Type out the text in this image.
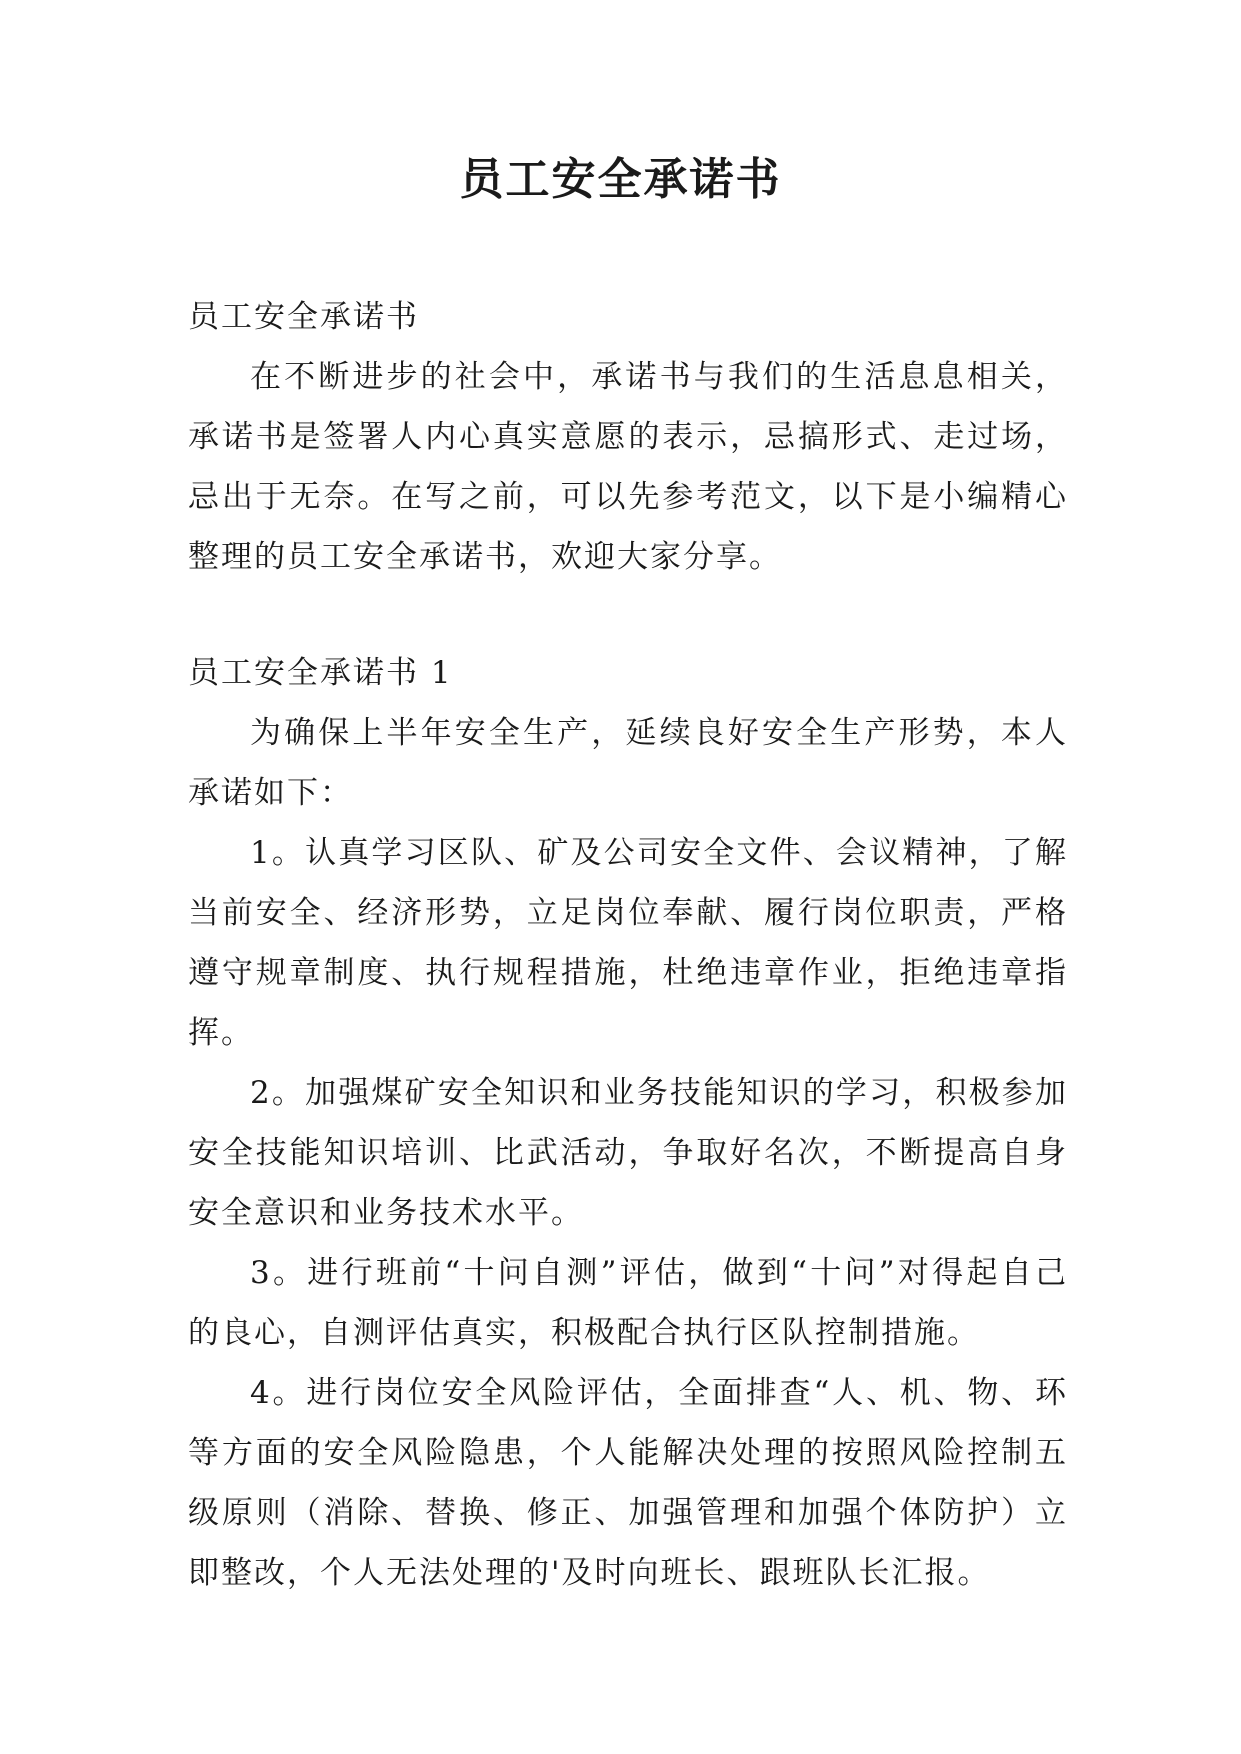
员工安全承诺书

员工安全承诺书

在不断进步的社会中，承诺书与我们的生活息息相关，承诺书是签署人内心真实意愿的表示，忌搞形式、走过场，忌出于无奈。在写之前，可以先参考范文，以下是小编精心整理的员工安全承诺书，欢迎大家分享。

员工安全承诺书 1

为确保上半年安全生产，延续良好安全生产形势，本人承诺如下：

1。认真学习区队、矿及公司安全文件、会议精神，了解当前安全、经济形势，立足岗位奉献、履行岗位职责，严格遵守规章制度、执行规程措施，杜绝违章作业，拒绝违章指挥。

2。加强煤矿安全知识和业务技能知识的学习，积极参加安全技能知识培训、比武活动，争取好名次，不断提高自身安全意识和业务技术水平。

3。进行班前“十问自测”评估，做到“十问”对得起自己的良心，自测评估真实，积极配合执行区队控制措施。

4。进行岗位安全风险评估，全面排查“人、机、物、环等方面的安全风险隐患，个人能解决处理的按照风险控制五级原则（消除、替换、修正、加强管理和加强个体防护）立即整改，个人无法处理的'及时向班长、跟班队长汇报。
